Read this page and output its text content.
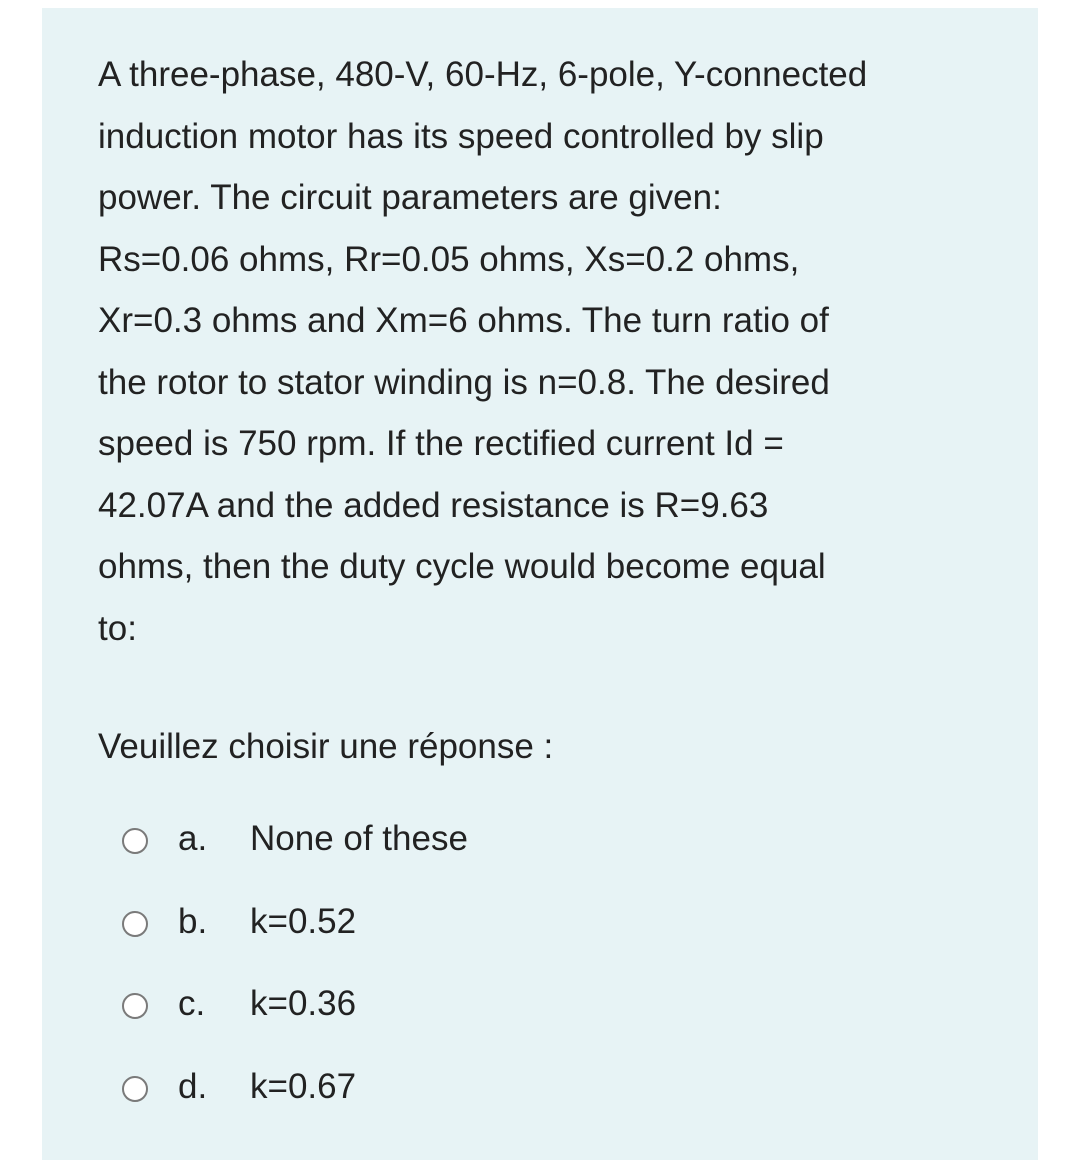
A three-phase, 480-V, 60-Hz, 6-pole, Y-connected
induction motor has its speed controlled by slip
power. The circuit parameters are given:
Rs=0.06 ohms, Rr=0.05 ohms, Xs=0.2 ohms,
Xr=0.3 ohms and Xm=6 ohms. The turn ratio of
the rotor to stator winding is n=0.8. The desired
speed is 750 rpm. If the rectified current Id =
42.07A and the added resistance is R=9.63
ohms, then the duty cycle would become equal
to:

Veuillez choisir une réponse :

a.	None of these
b.	k=0.52
c.	k=0.36
d.	k=0.67
